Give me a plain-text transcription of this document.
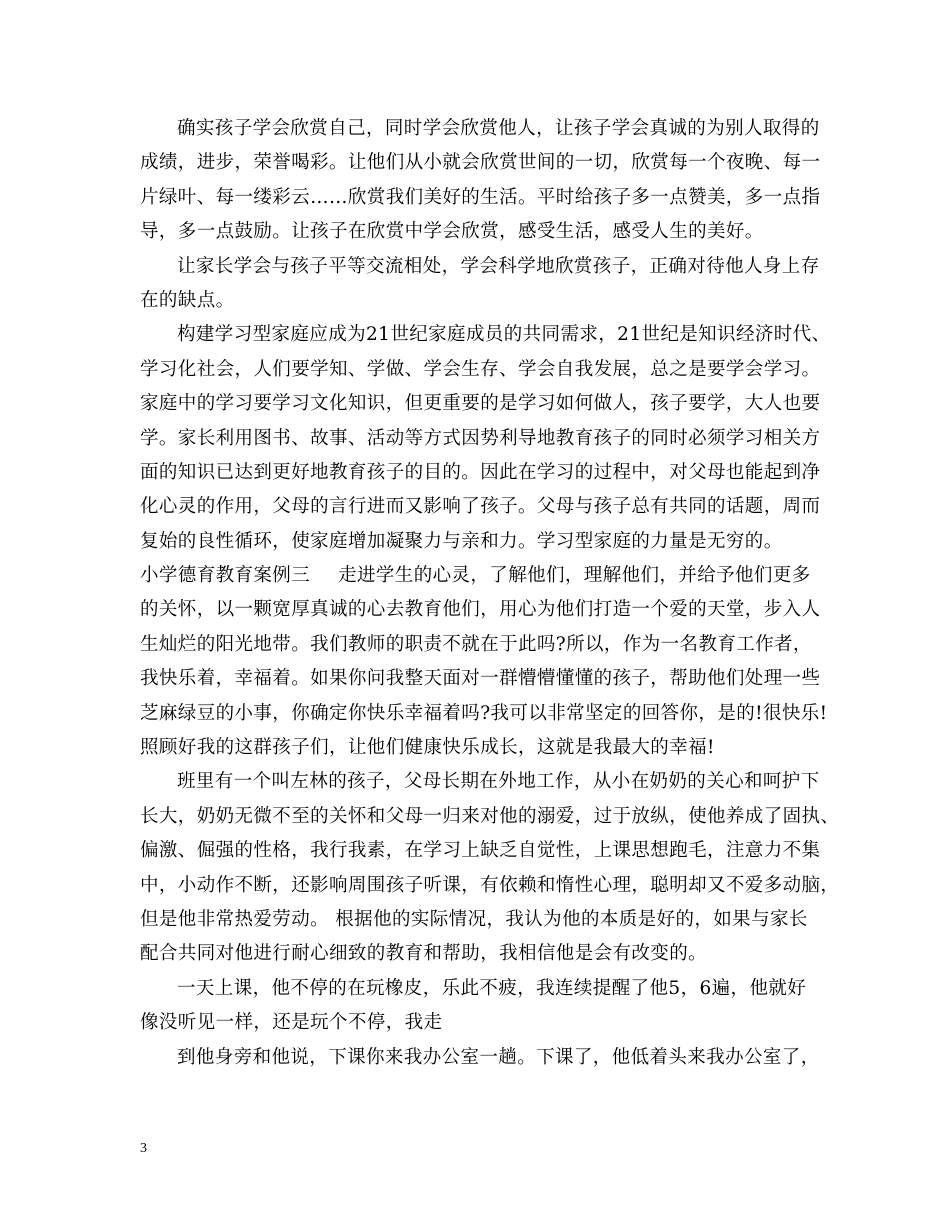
确实孩子学会欣赏自己，同时学会欣赏他人，让孩子学会真诚的为别人取得的
成绩，进步，荣誉喝彩。让他们从小就会欣赏世间的一切，欣赏每一个夜晚、每一
片绿叶、每一缕彩云……欣赏我们美好的生活。平时给孩子多一点赞美，多一点指
导，多一点鼓励。让孩子在欣赏中学会欣赏，感受生活，感受人生的美好。
让家长学会与孩子平等交流相处，学会科学地欣赏孩子，正确对待他人身上存
在的缺点。
构建学习型家庭应成为21世纪家庭成员的共同需求，21世纪是知识经济时代、
学习化社会，人们要学知、学做、学会生存、学会自我发展，总之是要学会学习。
家庭中的学习要学习文化知识，但更重要的是学习如何做人，孩子要学，大人也要
学。家长利用图书、故事、活动等方式因势利导地教育孩子的同时必须学习相关方
面的知识已达到更好地教育孩子的目的。因此在学习的过程中，对父母也能起到净
化心灵的作用，父母的言行进而又影响了孩子。父母与孩子总有共同的话题，周而
复始的良性循环，使家庭增加凝聚力与亲和力。学习型家庭的力量是无穷的。
小学德育教育案例三 走进学生的心灵，了解他们，理解他们，并给予他们更多
的关怀，以一颗宽厚真诚的心去教育他们，用心为他们打造一个爱的天堂，步入人
生灿烂的阳光地带。我们教师的职责不就在于此吗?所以，作为一名教育工作者，
我快乐着，幸福着。如果你问我整天面对一群懵懵懂懂的孩子，帮助他们处理一些
芝麻绿豆的小事，你确定你快乐幸福着吗?我可以非常坚定的回答你，是的!很快乐!
照顾好我的这群孩子们，让他们健康快乐成长，这就是我最大的幸福!
班里有一个叫左林的孩子，父母长期在外地工作，从小在奶奶的关心和呵护下
长大，奶奶无微不至的关怀和父母一归来对他的溺爱，过于放纵，使他养成了固执、
偏激、倔强的性格，我行我素，在学习上缺乏自觉性，上课思想跑毛，注意力不集
中，小动作不断，还影响周围孩子听课，有依赖和惰性心理，聪明却又不爱多动脑，
但是他非常热爱劳动。 根据他的实际情况，我认为他的本质是好的，如果与家长
配合共同对他进行耐心细致的教育和帮助，我相信他是会有改变的。
一天上课，他不停的在玩橡皮，乐此不疲，我连续提醒了他5，6遍，他就好
像没听见一样，还是玩个不停，我走
到他身旁和他说，下课你来我办公室一趟。下课了，他低着头来我办公室了，
3
